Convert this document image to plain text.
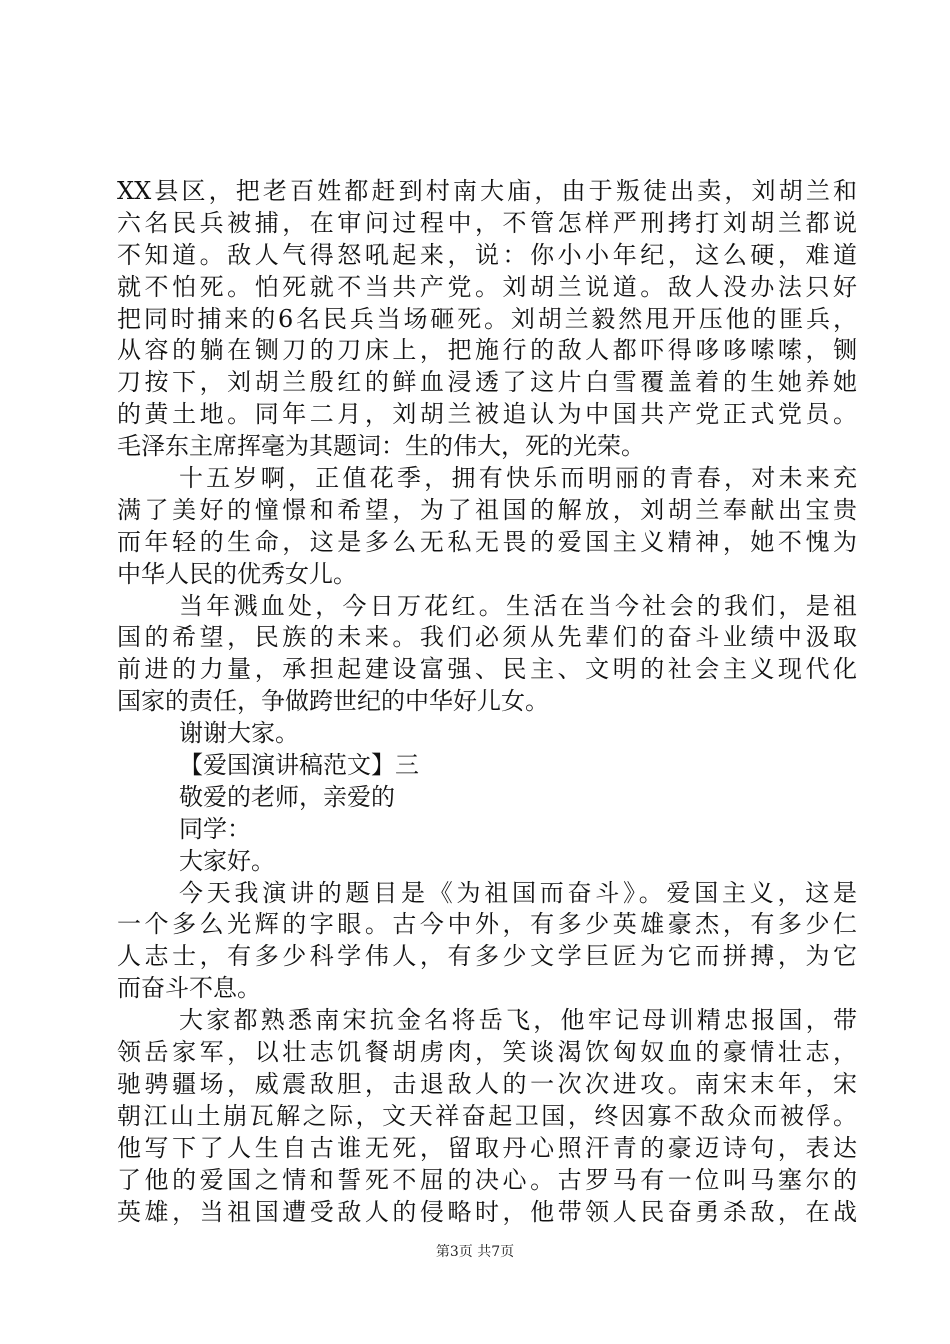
XX县区，把老百姓都赶到村南大庙，由于叛徒出卖，刘胡兰和
六名民兵被捕，在审问过程中，不管怎样严刑拷打刘胡兰都说
不知道。敌人气得怒吼起来，说：你小小年纪，这么硬，难道
就不怕死。怕死就不当共产党。刘胡兰说道。敌人没办法只好
把同时捕来的6名民兵当场砸死。刘胡兰毅然甩开压他的匪兵，
从容的躺在铡刀的刀床上，把施行的敌人都吓得哆哆嗦嗦，铡
刀按下，刘胡兰殷红的鲜血浸透了这片白雪覆盖着的生她养她
的黄土地。同年二月，刘胡兰被追认为中国共产党正式党员。
毛泽东主席挥毫为其题词：生的伟大，死的光荣。
十五岁啊，正值花季，拥有快乐而明丽的青春，对未来充
满了美好的憧憬和希望，为了祖国的解放，刘胡兰奉献出宝贵
而年轻的生命，这是多么无私无畏的爱国主义精神，她不愧为
中华人民的优秀女儿。
当年溅血处，今日万花红。生活在当今社会的我们，是祖
国的希望，民族的未来。我们必须从先辈们的奋斗业绩中汲取
前进的力量，承担起建设富强、民主、文明的社会主义现代化
国家的责任，争做跨世纪的中华好儿女。
谢谢大家。
【爱国演讲稿范文】三
敬爱的老师，亲爱的
同学：
大家好。
今天我演讲的题目是《为祖国而奋斗》。爱国主义，这是
一个多么光辉的字眼。古今中外，有多少英雄豪杰，有多少仁
人志士，有多少科学伟人，有多少文学巨匠为它而拼搏，为它
而奋斗不息。
大家都熟悉南宋抗金名将岳飞，他牢记母训精忠报国，带
领岳家军，以壮志饥餐胡虏肉，笑谈渴饮匈奴血的豪情壮志，
驰骋疆场，威震敌胆，击退敌人的一次次进攻。南宋末年，宋
朝江山土崩瓦解之际，文天祥奋起卫国，终因寡不敌众而被俘。
他写下了人生自古谁无死，留取丹心照汗青的豪迈诗句，表达
了他的爱国之情和誓死不屈的决心。古罗马有一位叫马塞尔的
英雄，当祖国遭受敌人的侵略时，他带领人民奋勇杀敌，在战
第3页 共7页
